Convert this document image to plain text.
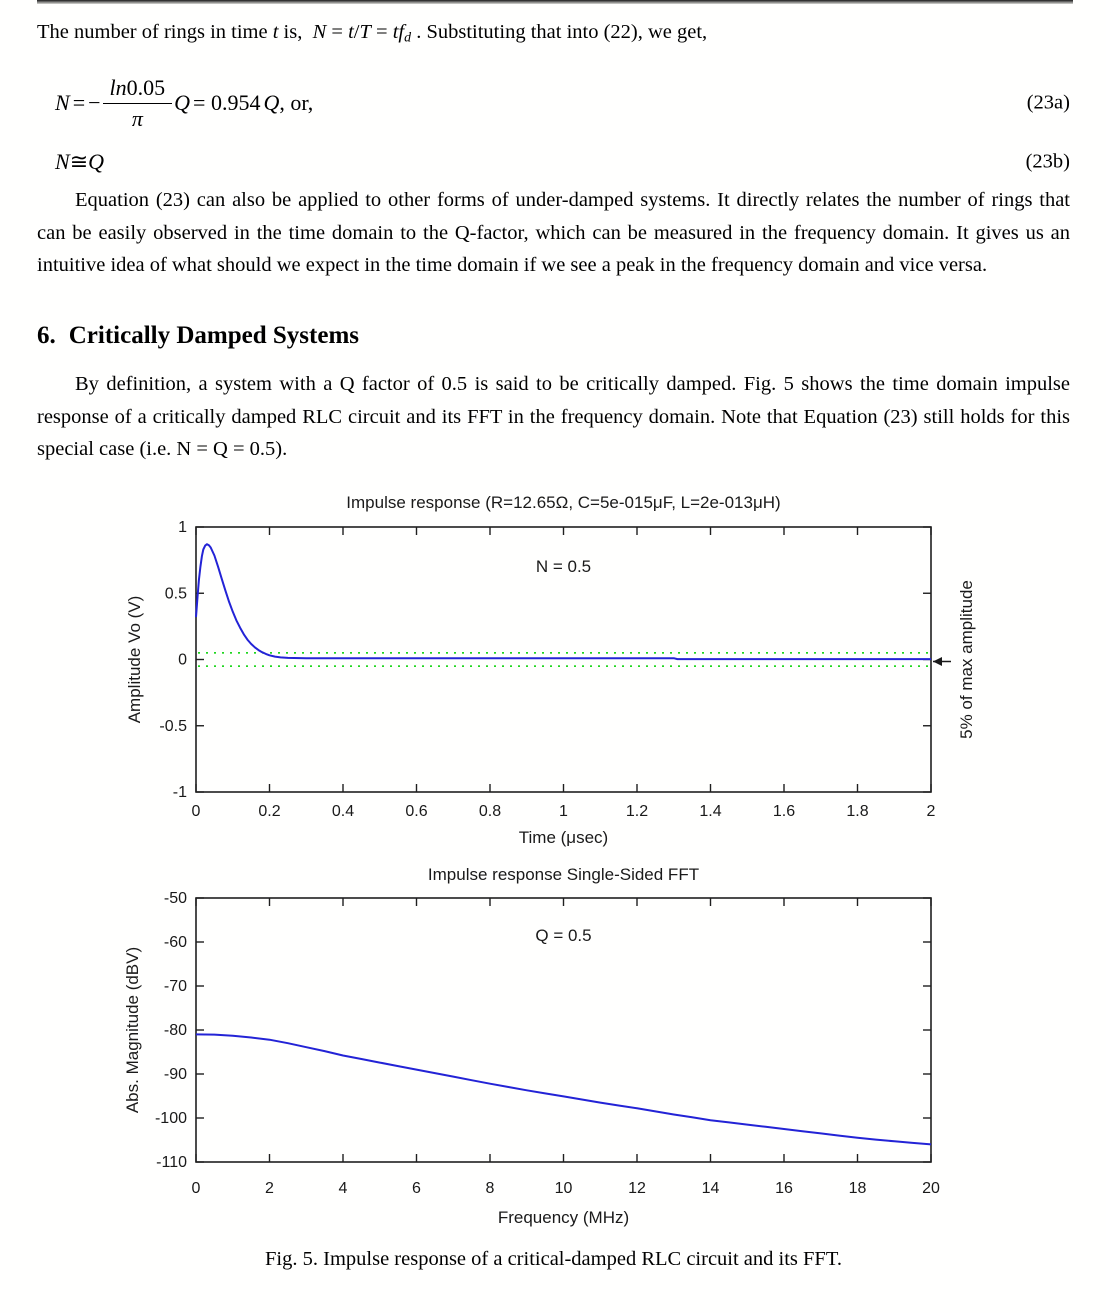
The number of rings in time t is,  N = t/T = tfd . Substituting that into (22), we get,
N = − $\frac{\ln 0.05}{\pi}$ Q = 0.954 Q , or,	(23a)
N ≅ Q	(23b)
Equation (23) can also be applied to other forms of under-damped systems. It directly relates the number of rings that can be easily observed in the time domain to the Q-factor, which can be measured in the frequency domain. It gives us an intuitive idea of what should we expect in the time domain if we see a peak in the frequency domain and vice versa.
6. Critically Damped Systems
By definition, a system with a Q factor of 0.5 is said to be critically damped. Fig. 5 shows the time domain impulse response of a critically damped RLC circuit and its FFT in the frequency domain. Note that Equation (23) still holds for this special case (i.e. N = Q = 0.5).
Impulse response (R=12.65Ω, C=5e-015μF, L=2e-013μH)
0	0.2	0.4	0.6	0.8	1	1.2	1.4	1.6	1.8	2
-1
-0.5
0
0.5
1
Time (μsec)
Amplitude Vo (V)
N = 0.5
5% of max amplitude
Impulse response Single-Sided FFT
0	2	4	6	8	10	12	14	16	18	20
-110
-100
-90
-80
-70
-60
-50
Frequency (MHz)
Abs. Magnitude (dBV)
Q = 0.5
Fig. 5. Impulse response of a critical-damped RLC circuit and its FFT.
